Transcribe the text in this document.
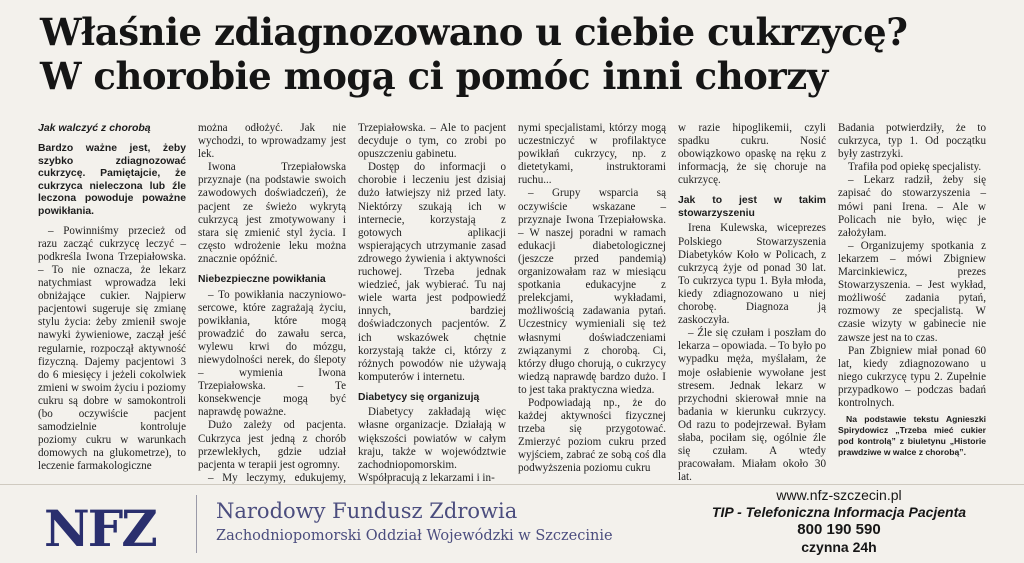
Właśnie zdiagnozowano u ciebie cukrzycę?
W chorobie mogą ci pomóc inni chorzy

Jak walczyć z chorobą

Bardzo ważne jest, żeby szybko zdiagnozować cukrzycę. Pamiętajcie, że cukrzyca nieleczona lub źle leczona powoduje poważne powikłania.

– Powinniśmy przecież od razu zacząć cukrzycę leczyć – podkreśla Iwona Trzepiałowska. – To nie oznacza, że lekarz natychmiast wprowadza leki obniżające cukier. Najpierw pacjentowi sugeruje się zmianę stylu życia: żeby zmienił swoje nawyki żywieniowe, zaczął jeść regularnie, rozpoczął aktywność fizyczną. Dajemy pacjentowi 3 do 6 miesięcy i jeżeli cokolwiek zmieni w swoim życiu i poziomy cukru są dobre w samokontroli (bo oczywiście pacjent samodzielnie kontroluje poziomy cukru w warunkach domowych na glukometrze), to leczenie farmakologiczne

można odłożyć. Jak nie wychodzi, to wprowadzamy jest lek.

Iwona Trzepiałowska przyznaje (na podstawie swoich zawodowych doświadczeń), że pacjent ze świeżo wykrytą cukrzycą jest zmotywowany i stara się zmienić styl życia. I często wdrożenie leku można znacznie opóźnić.

Niebezpieczne powikłania

– To powikłania naczyniowo-sercowe, które zagrażają życiu, powikłania, które mogą prowadzić do zawału serca, wylewu krwi do mózgu, niewydolności nerek, do ślepoty – wymienia Iwona Trzepiałowska. – Te konsekwencje mogą być naprawdę poważne.

Dużo zależy od pacjenta. Cukrzyca jest jedną z chorób przewlekłych, gdzie udział pacjenta w terapii jest ogromny.

– My leczymy, edukujemy,

Trzepiałowska. – Ale to pacjent decyduje o tym, co zrobi po opuszczeniu gabinetu.

Dostęp do informacji o chorobie i leczeniu jest dzisiaj dużo łatwiejszy niż przed laty. Niektórzy szukają ich w internecie, korzystają z gotowych aplikacji wspierających utrzymanie zasad zdrowego żywienia i aktywności ruchowej. Trzeba jednak wiedzieć, jak wybierać. Tu naj wiele warta jest podpowiedź innych, bardziej doświadczonych pacjentów. Z ich wskazówek chętnie korzystają także ci, którzy z różnych powodów nie używają komputerów i internetu.

Diabetycy się organizują

Diabetycy zakładają więc własne organizacje. Działają w większości powiatów w całym kraju, także w województwie zachodniopomorskim. Współpracują z lekarzami i in-

nymi specjalistami, którzy mogą uczestniczyć w profilaktyce powikłań cukrzycy, np. z dietetykami, instruktorami ruchu...

– Grupy wsparcia są oczywiście wskazane – przyznaje Iwona Trzepiałowska. – W naszej poradni w ramach edukacji diabetologicznej (jeszcze przed pandemią) organizowałam raz w miesiącu spotkania edukacyjne z prelekcjami, wykładami, możliwością zadawania pytań. Uczestnicy wymieniali się też własnymi doświadczeniami związanymi z chorobą. Ci, którzy długo chorują, o cukrzycy wiedzą naprawdę bardzo dużo. I to jest taka praktyczna wiedza.

Podpowiadają np., że do każdej aktywności fizycznej trzeba się przygotować. Zmierzyć poziom cukru przed wyjściem, zabrać ze sobą coś dla podwyższenia poziomu cukru

w razie hipoglikemii, czyli spadku cukru. Nosić obowiązkowo opaskę na ręku z informacją, że się choruje na cukrzycę.

Jak to jest w takim stowarzyszeniu

Irena Kulewska, wiceprezes Polskiego Stowarzyszenia Diabetyków Koło w Policach, z cukrzycą żyje od ponad 30 lat. To cukrzyca typu 1. Była młoda, kiedy zdiagnozowano u niej chorobę. Diagnoza ją zaskoczyła.

– Źle się czułam i poszłam do lekarza – opowiada. – To było po wypadku męża, myślałam, że moje osłabienie wywołane jest stresem. Jednak lekarz w przychodni skierował mnie na badania w kierunku cukrzycy. Od razu to podejrzewał. Byłam słaba, pociłam się, ogólnie źle się czułam. A wtedy pracowałam. Miałam około 30 lat.

Badania potwierdziły, że to cukrzyca, typ 1. Od początku były zastrzyki.

Trafiła pod opiekę specjalisty.

– Lekarz radził, żeby się zapisać do stowarzyszenia – mówi pani Irena. – Ale w Policach nie było, więc je założyłam.

– Organizujemy spotkania z lekarzem – mówi Zbigniew Marcinkiewicz, prezes Stowarzyszenia. – Jest wykład, możliwość zadania pytań, rozmowy ze specjalistą. W czasie wizyty w gabinecie nie zawsze jest na to czas.

Pan Zbigniew miał ponad 60 lat, kiedy zdiagnozowano u niego cukrzycę typu 2. Zupełnie przypadkowo – podczas badań kontrolnych.

Na podstawie tekstu Agnieszki Spirydowicz „Trzeba mieć cukier pod kontrolą” z biuletynu „Historie prawdziwe w walce z chorobą”.

NFZ	Narodowy Fundusz Zdrowia
Zachodniopomorski Oddział Wojewódzki w Szczecinie
www.nfz-szczecin.pl
TIP - Telefoniczna Informacja Pacjenta
800 190 590
czynna 24h
